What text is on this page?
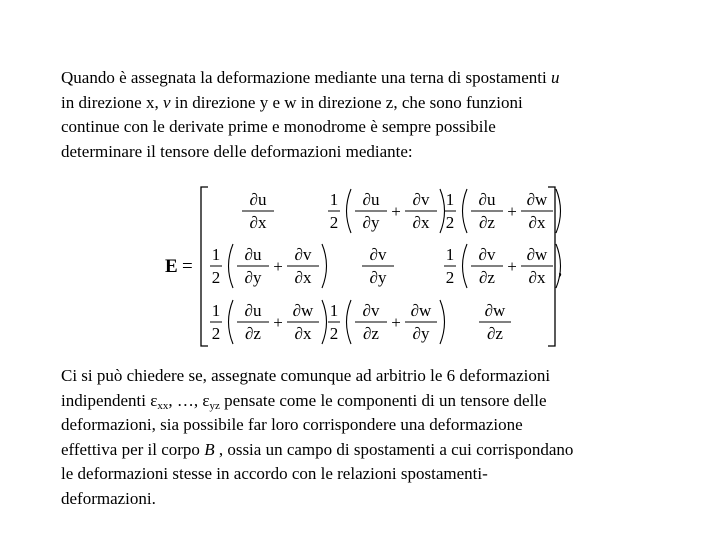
Quando è assegnata la deformazione mediante una terna di spostamenti u
in direzione x, v in direzione y e w in direzione z, che sono funzioni
continue con le derivate prime e monodrome è sempre possibile
determinare il tensore delle deformazioni mediante:
E =	,
∂u
∂x
1
2
∂u
∂y
+
∂v
∂x
1
2
∂u
∂z
+
∂w
∂x
1
2
∂u
∂y
+
∂v
∂x
∂v
∂y
1
2
∂v
∂z
+
∂w
∂x
1
2
∂u
∂z
+
∂w
∂x
1
2
∂v
∂z
+
∂w
∂y
∂w
∂z
Ci si può chiedere se, assegnate comunque ad arbitrio le 6 deformazioni
indipendenti $\varepsilon_{xx}$, …, $\varepsilon_{yz}$ pensate come le componenti di un tensore delle
deformazioni, sia possibile far loro corrispondere una deformazione
effettiva per il corpo B , ossia un campo di spostamenti a cui corrispondano
le deformazioni stesse in accordo con le relazioni spostamenti-
deformazioni.
